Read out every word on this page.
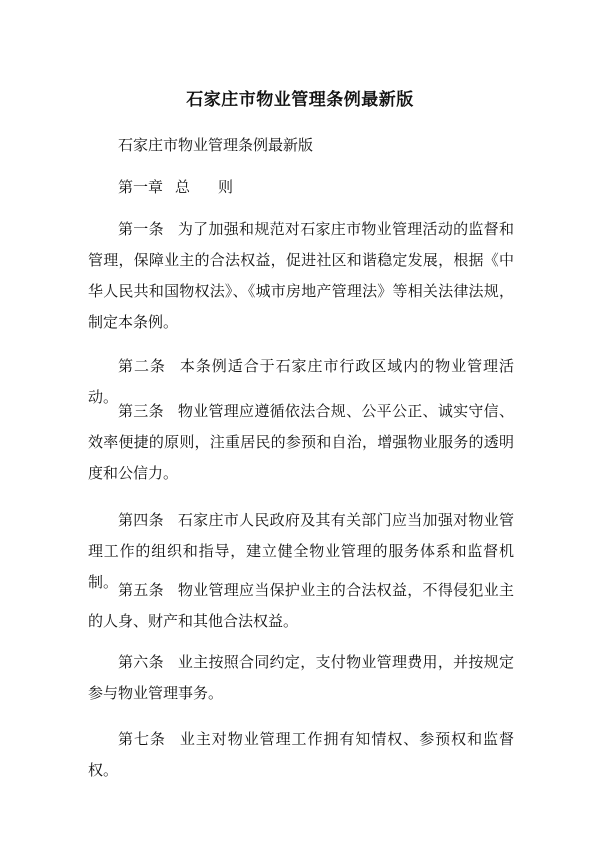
石家庄市物业管理条例最新版

石家庄市物业管理条例最新版

第一章 总 则

第一条 为了加强和规范对石家庄市物业管理活动的监督和管理，保障业主的合法权益，促进社区和谐稳定发展，根据《中华人民共和国物权法》、《城市房地产管理法》等相关法律法规，制定本条例。

第二条 本条例适合于石家庄市行政区域内的物业管理活动。

第三条 物业管理应遵循依法合规、公平公正、诚实守信、效率便捷的原则，注重居民的参预和自治，增强物业服务的透明度和公信力。

第四条 石家庄市人民政府及其有关部门应当加强对物业管理工作的组织和指导，建立健全物业管理的服务体系和监督机制。 第五条 物业管理应当保护业主的合法权益，不得侵犯业主的人身、财产和其他合法权益。

第六条 业主按照合同约定，支付物业管理费用，并按规定参与物业管理事务。

第七条 业主对物业管理工作拥有知情权、参预权和监督权。
